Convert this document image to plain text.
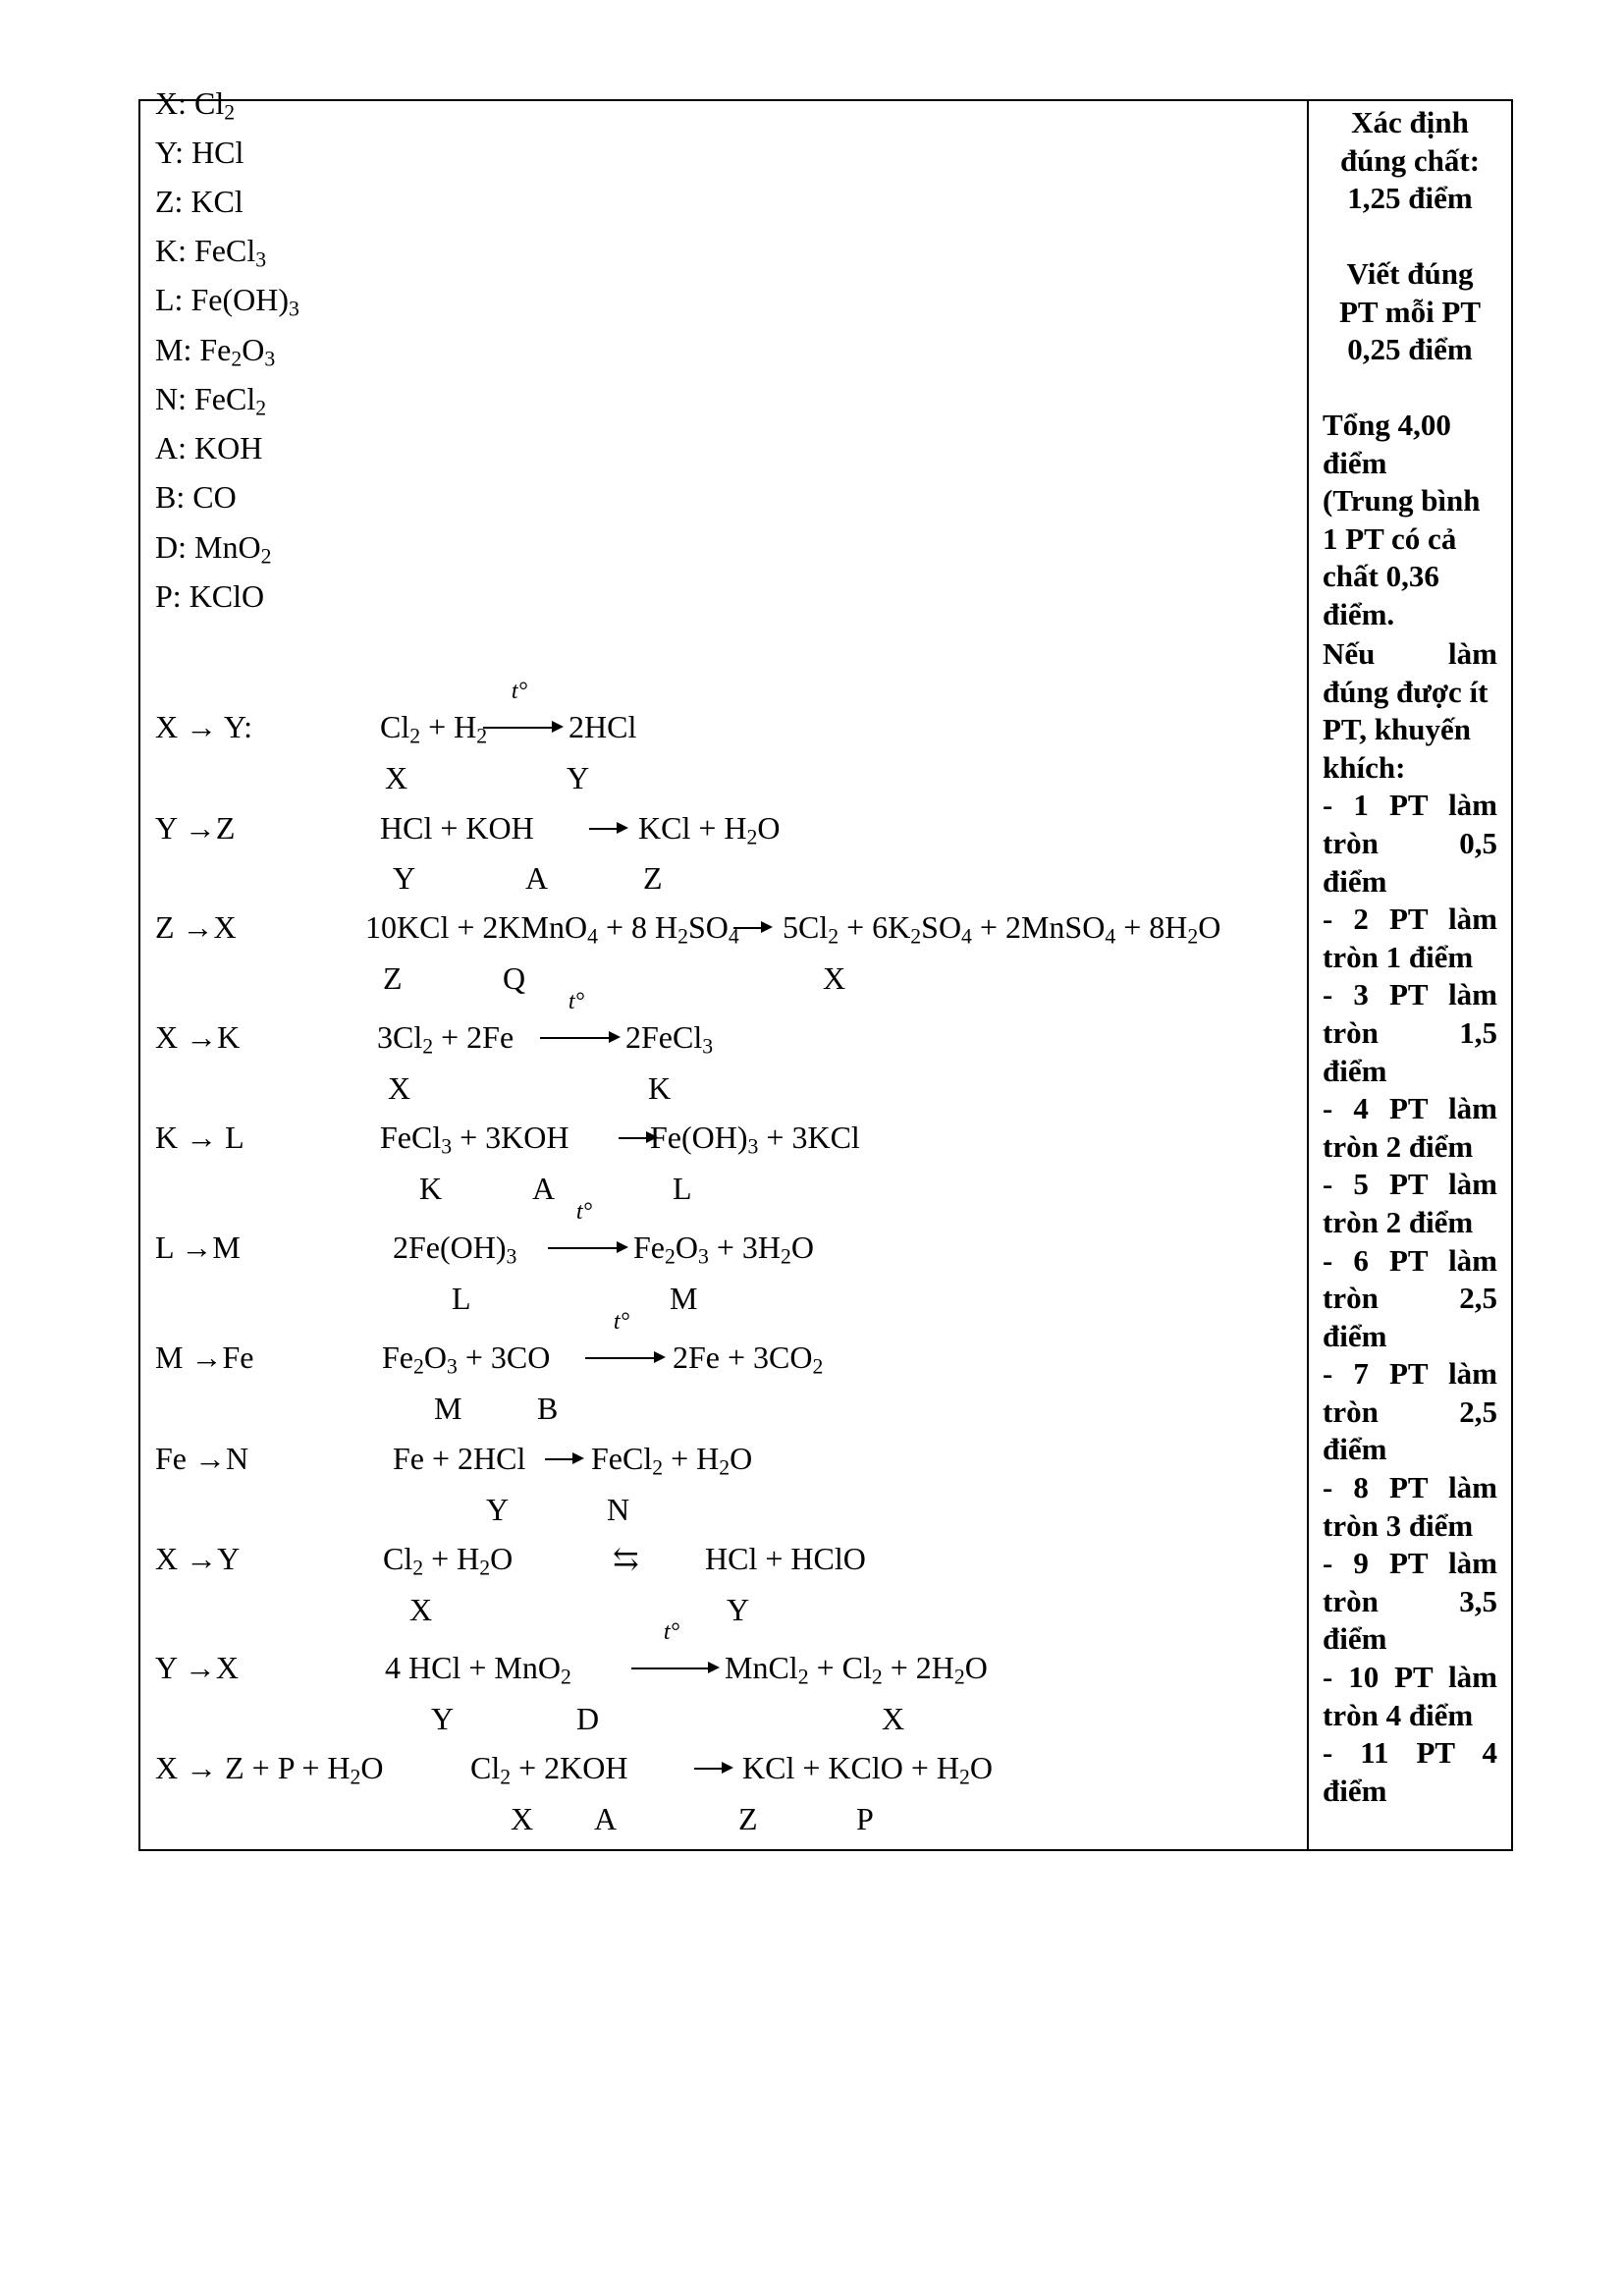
X: $Cl_2$
Y: HCl
Z: KCl
K: FeCl$_3$
L: $Fe(OH)_3$
M: $Fe_2O_3$
N: FeCl$_2$
A: KOH
B: CO
D: MnO$_2$
P: KClO
X → Y:	$Cl_2 + H_2$
t°
2HCl
X	Y
Y →Z	HCl + KOH	KCl + $H_2O$
Y	A	Z
Z →X	10KCl + 2KMnO$_4$ + 8 $H_2SO_4$ $5Cl_2 + 6K_2SO_4$ + 2MnSO$_4$ + $8H_2O$
Z	Q	X
X →K	$3Cl_2 + 2Fe$
t°
2FeCl$_3$
X	K
K → L	FeCl$_3$ + 3KOH	$Fe(OH)_3 + 3KCl$
K	A	L
L →M	$2Fe(OH)_3$
t°
$Fe_2O_3 + 3H_2O$
L	M
M →Fe	$Fe_2O_3 + 3CO$
t°
$2Fe + 3CO_2$
M B
Fe →N	Fe + 2HCl FeCl$_2$ + $H_2O$
Y	N
X →Y	$Cl_2 + H_2O$	⇆ HCl + HClO
X	Y
Y →X	4 HCl + MnO$_2$
t°
MnCl$_2$ + $Cl_2 + 2H_2O$
Y	D	X
$X \to Z + P + H_2O$	$Cl_2 + 2KOH$	KCl + KClO + $H_2O$
X A	Z	P
Xác định
đúng chất:
1,25 điểm
Viết đúng
PT mỗi PT
0,25 điểm
Tổng 4,00
điểm
(Trung bình
1 PT có cả
chất 0,36
điểm.
Nếu làm
đúng được ít
PT, khuyến
khích:
- 1 PT làm
tròn 0,5
điểm
- 2 PT làm
tròn 1 điểm
- 3 PT làm
tròn 1,5
điểm
- 4 PT làm
tròn 2 điểm
- 5 PT làm
tròn 2 điểm
- 6 PT làm
tròn 2,5
điểm
- 7 PT làm
tròn 2,5
điểm
- 8 PT làm
tròn 3 điểm
- 9 PT làm
tròn 3,5
điểm
- 10 PT làm
tròn 4 điểm
- 11 PT 4
điểm
